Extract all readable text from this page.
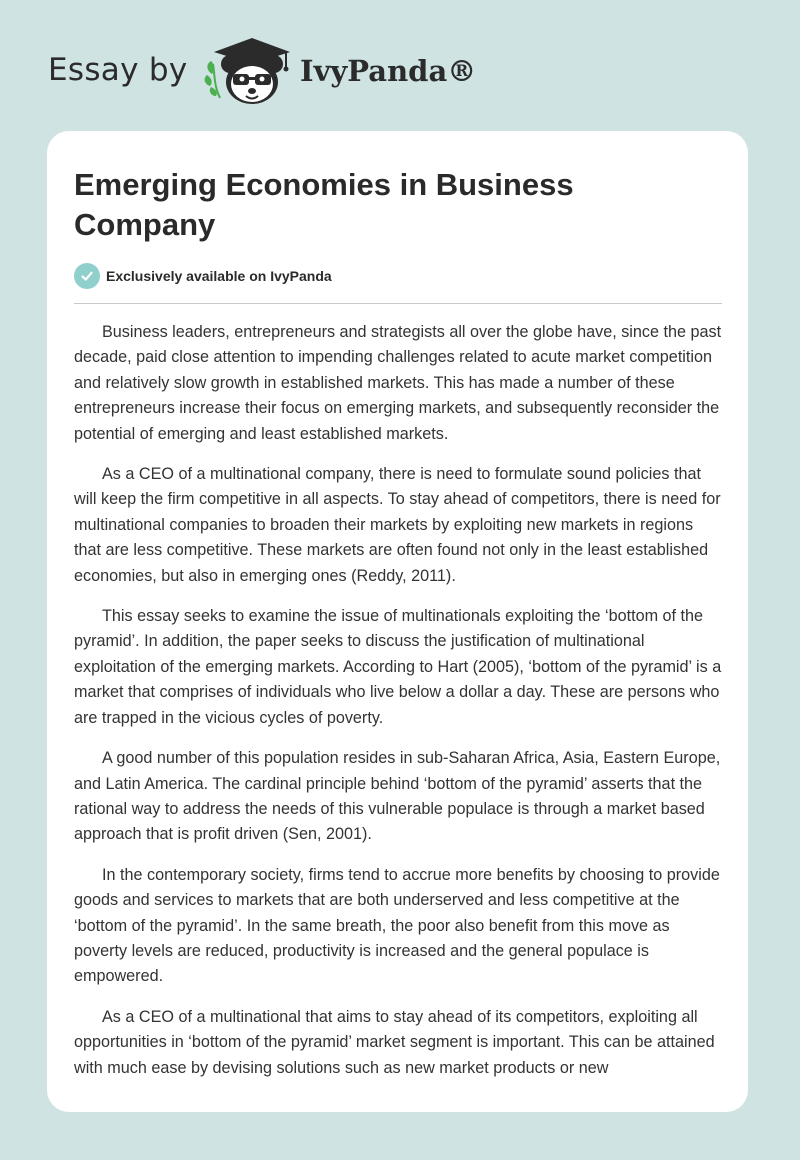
Essay by	IvyPanda®
Emerging Economies in Business Company
Exclusively available on IvyPanda

Business leaders, entrepreneurs and strategists all over the globe have, since the past decade, paid close attention to impending challenges related to acute market competition and relatively slow growth in established markets. This has made a number of these entrepreneurs increase their focus on emerging markets, and subsequently reconsider the potential of emerging and least established markets.

As a CEO of a multinational company, there is need to formulate sound policies that will keep the firm competitive in all aspects. To stay ahead of competitors, there is need for multinational companies to broaden their markets by exploiting new markets in regions that are less competitive. These markets are often found not only in the least established economies, but also in emerging ones (Reddy, 2011).

This essay seeks to examine the issue of multinationals exploiting the ‘bottom of the pyramid’. In addition, the paper seeks to discuss the justification of multinational exploitation of the emerging markets. According to Hart (2005), ‘bottom of the pyramid’ is a market that comprises of individuals who live below a dollar a day. These are persons who are trapped in the vicious cycles of poverty.

A good number of this population resides in sub-Saharan Africa, Asia, Eastern Europe, and Latin America. The cardinal principle behind ‘bottom of the pyramid’ asserts that the rational way to address the needs of this vulnerable populace is through a market based approach that is profit driven (Sen, 2001).

In the contemporary society, firms tend to accrue more benefits by choosing to provide goods and services to markets that are both underserved and less competitive at the ‘bottom of the pyramid’. In the same breath, the poor also benefit from this move as poverty levels are reduced, productivity is increased and the general populace is empowered.

As a CEO of a multinational that aims to stay ahead of its competitors, exploiting all opportunities in ‘bottom of the pyramid’ market segment is important. This can be attained with much ease by devising solutions such as new market products or new
